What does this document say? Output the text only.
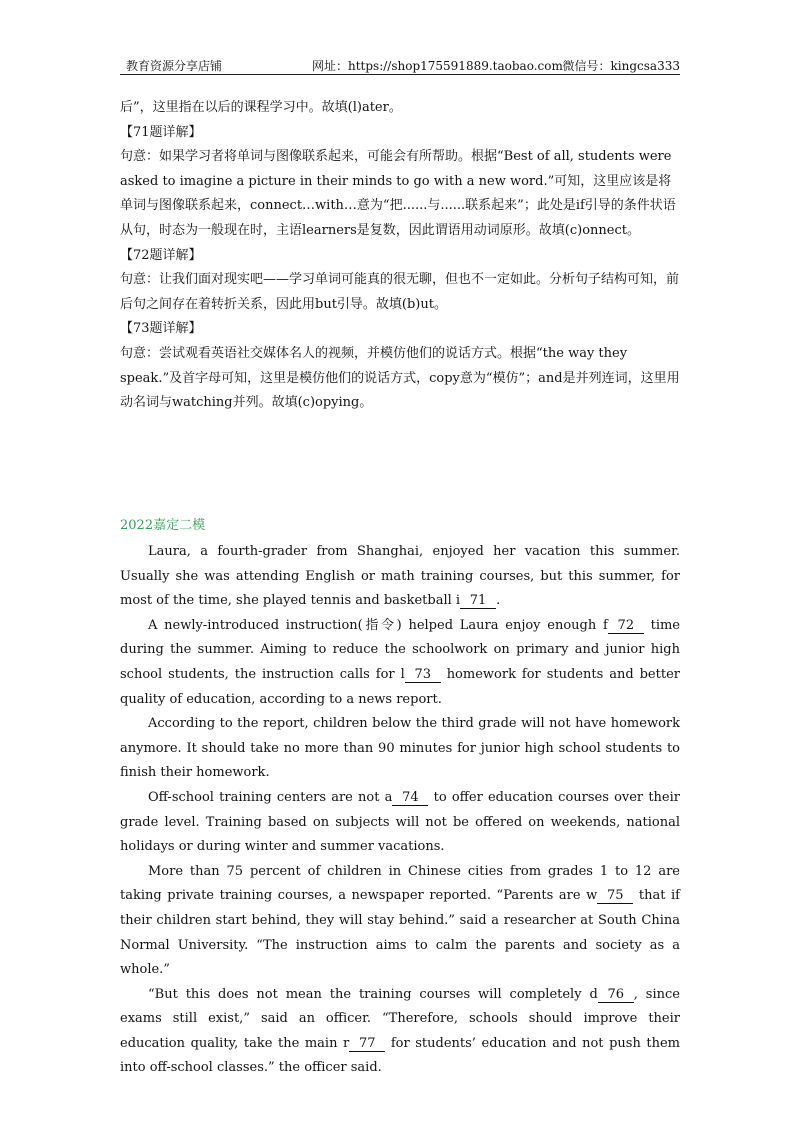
教育资源分享店铺	网址：https://shop175591889.taobao.com 微信号：kingcsa333

后”，这里指在以后的课程学习中。故填(l)ater。

【71题详解】

句意：如果学习者将单词与图像联系起来，可能会有所帮助。根据“Best of all, students were asked to imagine a picture in their minds to go with a new word.”可知，这里应该是将单词与图像联系起来，connect…with…意为“把......与......联系起来”；此处是if引导的条件状语从句，时态为一般现在时，主语learners是复数，因此谓语用动词原形。故填(c)onnect。

【72题详解】

句意：让我们面对现实吧——学习单词可能真的很无聊，但也不一定如此。分析句子结构可知，前后句之间存在着转折关系，因此用but引导。故填(b)ut。

【73题详解】

句意：尝试观看英语社交媒体名人的视频，并模仿他们的说话方式。根据“the way they speak.”及首字母可知，这里是模仿他们的说话方式，copy意为“模仿”；and是并列连词，这里用动名词与watching并列。故填(c)opying。

2022嘉定二模

Laura, a fourth-grader from Shanghai, enjoyed her vacation this summer. Usually she was attending English or math training courses, but this summer, for most of the time, she played tennis and basketball i 71 .

A newly-introduced instruction(指令) helped Laura enjoy enough f 72 time during the summer. Aiming to reduce the schoolwork on primary and junior high school students, the instruction calls for l 73 homework for students and better quality of education, according to a news report.

According to the report, children below the third grade will not have homework anymore. It should take no more than 90 minutes for junior high school students to finish their homework.

Off-school training centers are not a 74 to offer education courses over their grade level. Training based on subjects will not be offered on weekends, national holidays or during winter and summer vacations.

More than 75 percent of children in Chinese cities from grades 1 to 12 are taking private training courses, a newspaper reported. “Parents are w 75 that if their children start behind, they will stay behind.” said a researcher at South China Normal University. “The instruction aims to calm the parents and society as a whole.”

“But this does not mean the training courses will completely d 76 , since exams still exist,” said an officer. “Therefore, schools should improve their education quality, take the main r 77 for students’ education and not push them into off-school classes.” the officer said.
